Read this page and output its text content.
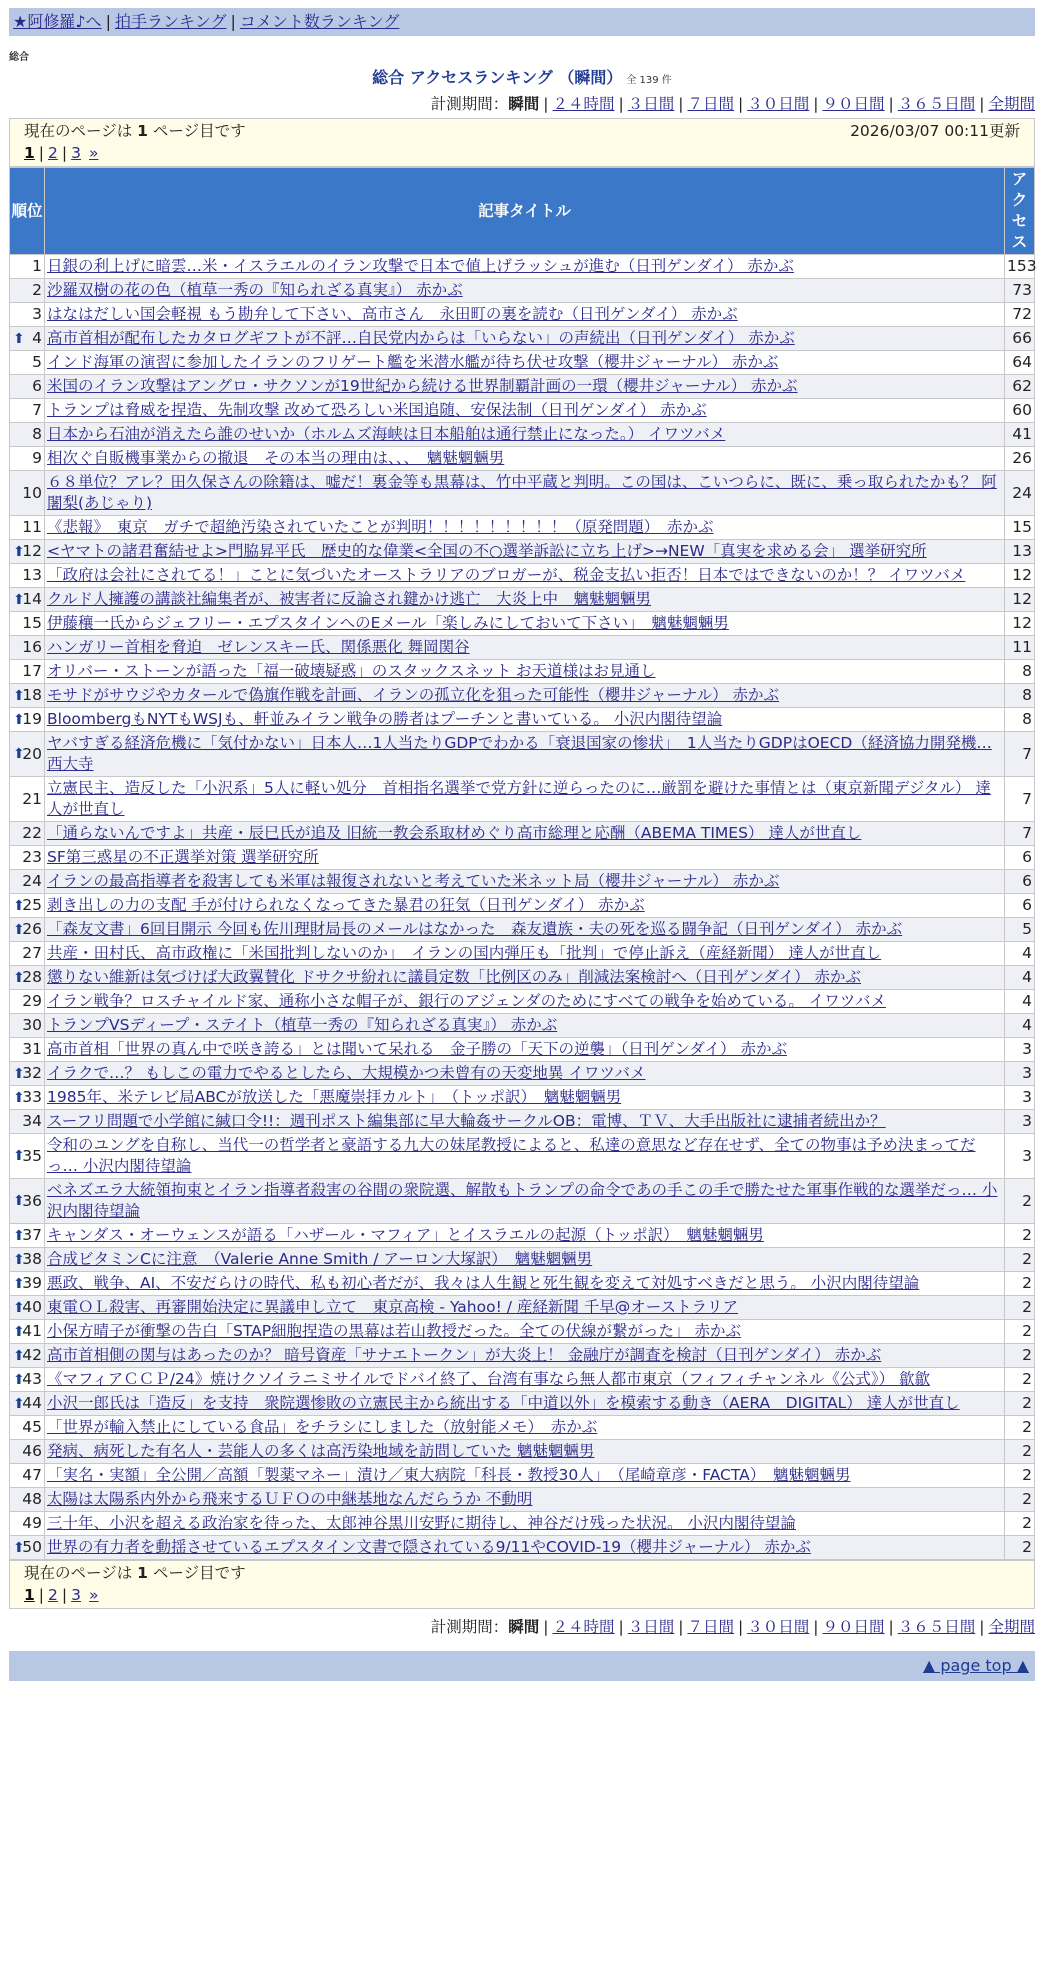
★阿修羅♪へ | 拍手ランキング | コメント数ランキング
総合
総合 アクセスランキング （瞬間） 全 139 件
計測期間：瞬間 | ２４時間 | ３日間 | ７日間 | ３０日間 | ９０日間 | ３６５日間 | 全期間
現在のページは 1 ページ目です	2026/03/07 00:11更新
1 | 2 | 3 »
順位	記事タイトル	アクセス
1	日銀の利上げに暗雲…米・イスラエルのイラン攻撃で日本で値上げラッシュが進む（日刊ゲンダイ） 赤かぶ	153
2	沙羅双樹の花の色（植草一秀の『知られざる真実』） 赤かぶ	73
3	はなはだしい国会軽視 もう勘弁して下さい、高市さん　永田町の裏を読む（日刊ゲンダイ） 赤かぶ	72

⬆ 4	高市首相が配布したカタログギフトが不評…自民党内からは「いらない」の声続出（日刊ゲンダイ） 赤かぶ	66
5	インド海軍の演習に参加したイランのフリゲート艦を米潜水艦が待ち伏せ攻撃（櫻井ジャーナル） 赤かぶ	64
6	米国のイラン攻撃はアングロ・サクソンが19世紀から続ける世界制覇計画の一環（櫻井ジャーナル） 赤かぶ	62
7	トランプは脅威を捏造、先制攻撃 改めて恐ろしい米国追随、安保法制（日刊ゲンダイ） 赤かぶ	60
8	日本から石油が消えたら誰のせいか（ホルムズ海峡は日本船舶は通行禁止になった。） イワツバメ	41
9	相次ぐ自販機事業からの撤退　その本当の理由は、、、　魑魅魍魎男	26
10	６８単位？アレ？田久保さんの除籍は、嘘だ！裏金等も黒幕は、竹中平蔵と判明。この国は、こいつらに、既に、乗っ取られたかも？ 阿闍梨(あじゃり)	24
11	《悲報》　東京　ガチで超絶汚染されていたことが判明！！！！！！！！！（原発問題）　赤かぶ	15

⬆
12	<ヤマトの諸君奮結せよ>門脇昇平氏　歴史的な偉業<全国の不○選挙訴訟に立ち上げ>→NEW「真実を求める会」 選挙研究所	13
13	「政府は会社にされてる！」ことに気づいたオーストラリアのブロガーが、税金支払い拒否！日本ではできないのか！？ イワツバメ	12

⬆
14	クルド人擁護の講談社編集者が、被害者に反論され鍵かけ逃亡　大炎上中　魑魅魍魎男	12
15	伊藤穰一氏からジェフリー・エプスタインへのEメール「楽しみにしておいて下さい」　魑魅魍魎男	12
16	ハンガリー首相を脅迫　ゼレンスキー氏、関係悪化 舞岡関谷	11
17	オリバー・ストーンが語った「福一破壊疑惑」のスタックスネット お天道様はお見通し	8

⬆
18	モサドがサウジやカタールで偽旗作戦を計画、イランの孤立化を狙った可能性（櫻井ジャーナル） 赤かぶ	8

⬆
19	BloombergもNYTもWSJも、軒並みイラン戦争の勝者はプーチンと書いている。 小沢内閣待望論	8

⬆
20	ヤバすぎる経済危機に「気付かない」日本人…1人当たりGDPでわかる「衰退国家の惨状」　1人当たりGDPはOECD（経済協力開発機… 西大寺	7
21	立憲民主、造反した「小沢系」5人に軽い処分　首相指名選挙で党方針に逆らったのに…厳罰を避けた事情とは（東京新聞デジタル） 達人が世直し	7
22	「通らないんですよ」共産・辰巳氏が追及 旧統一教会系取材めぐり高市総理と応酬（ABEMA TIMES） 達人が世直し	7
23	SF第三惑星の不正選挙対策 選挙研究所	6
24	イランの最高指導者を殺害しても米軍は報復されないと考えていた米ネット局（櫻井ジャーナル） 赤かぶ	6

⬆
25	剥き出しの力の支配 手が付けられなくなってきた暴君の狂気（日刊ゲンダイ） 赤かぶ	6

⬆
26	「森友文書」6回目開示 今回も佐川理財局長のメールはなかった　森友遺族・夫の死を巡る闘争記（日刊ゲンダイ） 赤かぶ	5
27	共産・田村氏、高市政権に「米国批判しないのか」　イランの国内弾圧も「批判」で停止訴え（産経新聞） 達人が世直し	4

⬆
28	懲りない維新は気づけば大政翼賛化 ドサクサ紛れに議員定数「比例区のみ」削減法案検討へ（日刊ゲンダイ） 赤かぶ	4
29	イラン戦争？ロスチャイルド家、通称小さな帽子が、銀行のアジェンダのためにすべての戦争を始めている。 イワツバメ	4
30	トランプVSディープ・ステイト（植草一秀の『知られざる真実』） 赤かぶ	4
31	高市首相「世界の真ん中で咲き誇る」とは聞いて呆れる　金子勝の「天下の逆襲」（日刊ゲンダイ） 赤かぶ	3

⬆
32	イラクで…？ もしこの電力でやるとしたら、大規模かつ未曾有の天変地異 イワツバメ	3

⬆
33	1985年、米テレビ局ABCが放送した「悪魔崇拝カルト」　（トッポ訳）　魑魅魍魎男	3
34	スーフリ問題で小学館に緘口令!!：週刊ポスト編集部に早大輪姦サークルOB：電博、ＴＶ、大手出版社に逮捕者続出か？	3

⬆
35	令和のユングを自称し、当代一の哲学者と豪語する九大の妹尾教授によると、私達の意思など存在せず、全ての物事は予め決まってだっ… 小沢内閣待望論	3

⬆
36	ベネズエラ大統領拘束とイラン指導者殺害の谷間の衆院選、解散もトランプの命令であの手この手で勝たせた軍事作戦的な選挙だっ… 小沢内閣待望論	2

⬆
37	キャンダス・オーウェンスが語る「ハザール・マフィア」とイスラエルの起源（トッポ訳）　魑魅魍魎男	2

⬆
38	合成ビタミンCに注意　（Valerie Anne Smith / アーロン大塚訳）　魑魅魍魎男	2

⬆
39	悪政、戦争、AI、不安だらけの時代、私も初心者だが、我々は人生観と死生観を変えて対処すべきだと思う。 小沢内閣待望論	2

⬆
40	東電ＯＬ殺害、再審開始決定に異議申し立て　東京高検 - Yahoo! / 産経新聞 千早@オーストラリア	2

⬆
41	小保方晴子が衝撃の告白「STAP細胞捏造の黒幕は若山教授だった。全ての伏線が繋がった」 赤かぶ	2

⬆
42	高市首相側の関与はあったのか？ 暗号資産「サナエトークン」が大炎上！ 金融庁が調査を検討（日刊ゲンダイ） 赤かぶ	2

⬆
43	《マフィアＣＣＰ/24》焼けクソイラニミサイルでドバイ終了、台湾有事なら無人都市東京（フィフィチャンネル《公式》） 歙歙	2

⬆
44	小沢一郎氏は「造反」を支持　衆院選惨敗の立憲民主から統出する「中道以外」を模索する動き（AERA　DIGITAL） 達人が世直し	2
45	「世界が輸入禁止にしている食品」をチラシにしました（放射能メモ）　赤かぶ	2
46	発病、病死した有名人・芸能人の多くは高汚染地域を訪問していた 魑魅魍魎男	2
47	「実名・実額」全公開／高額「製薬マネー」漬け／東大病院「科長・教授30人」　（尾崎章彦・FACTA）　魑魅魍魎男	2
48	太陽は太陽系内外から飛来するＵＦＯの中継基地なんだらうか 不動明	2
49	三十年、小沢を超える政治家を待った、太郎神谷黒川安野に期待し、神谷だけ残った状況。 小沢内閣待望論	2

⬆
50	世界の有力者を動揺させているエプスタイン文書で隠されている9/11やCOVID-19（櫻井ジャーナル） 赤かぶ	2
現在のページは 1 ページ目です
1 | 2 | 3 »
計測期間：瞬間 | ２４時間 | ３日間 | ７日間 | ３０日間 | ９０日間 | ３６５日間 | 全期間
▲ page top ▲
